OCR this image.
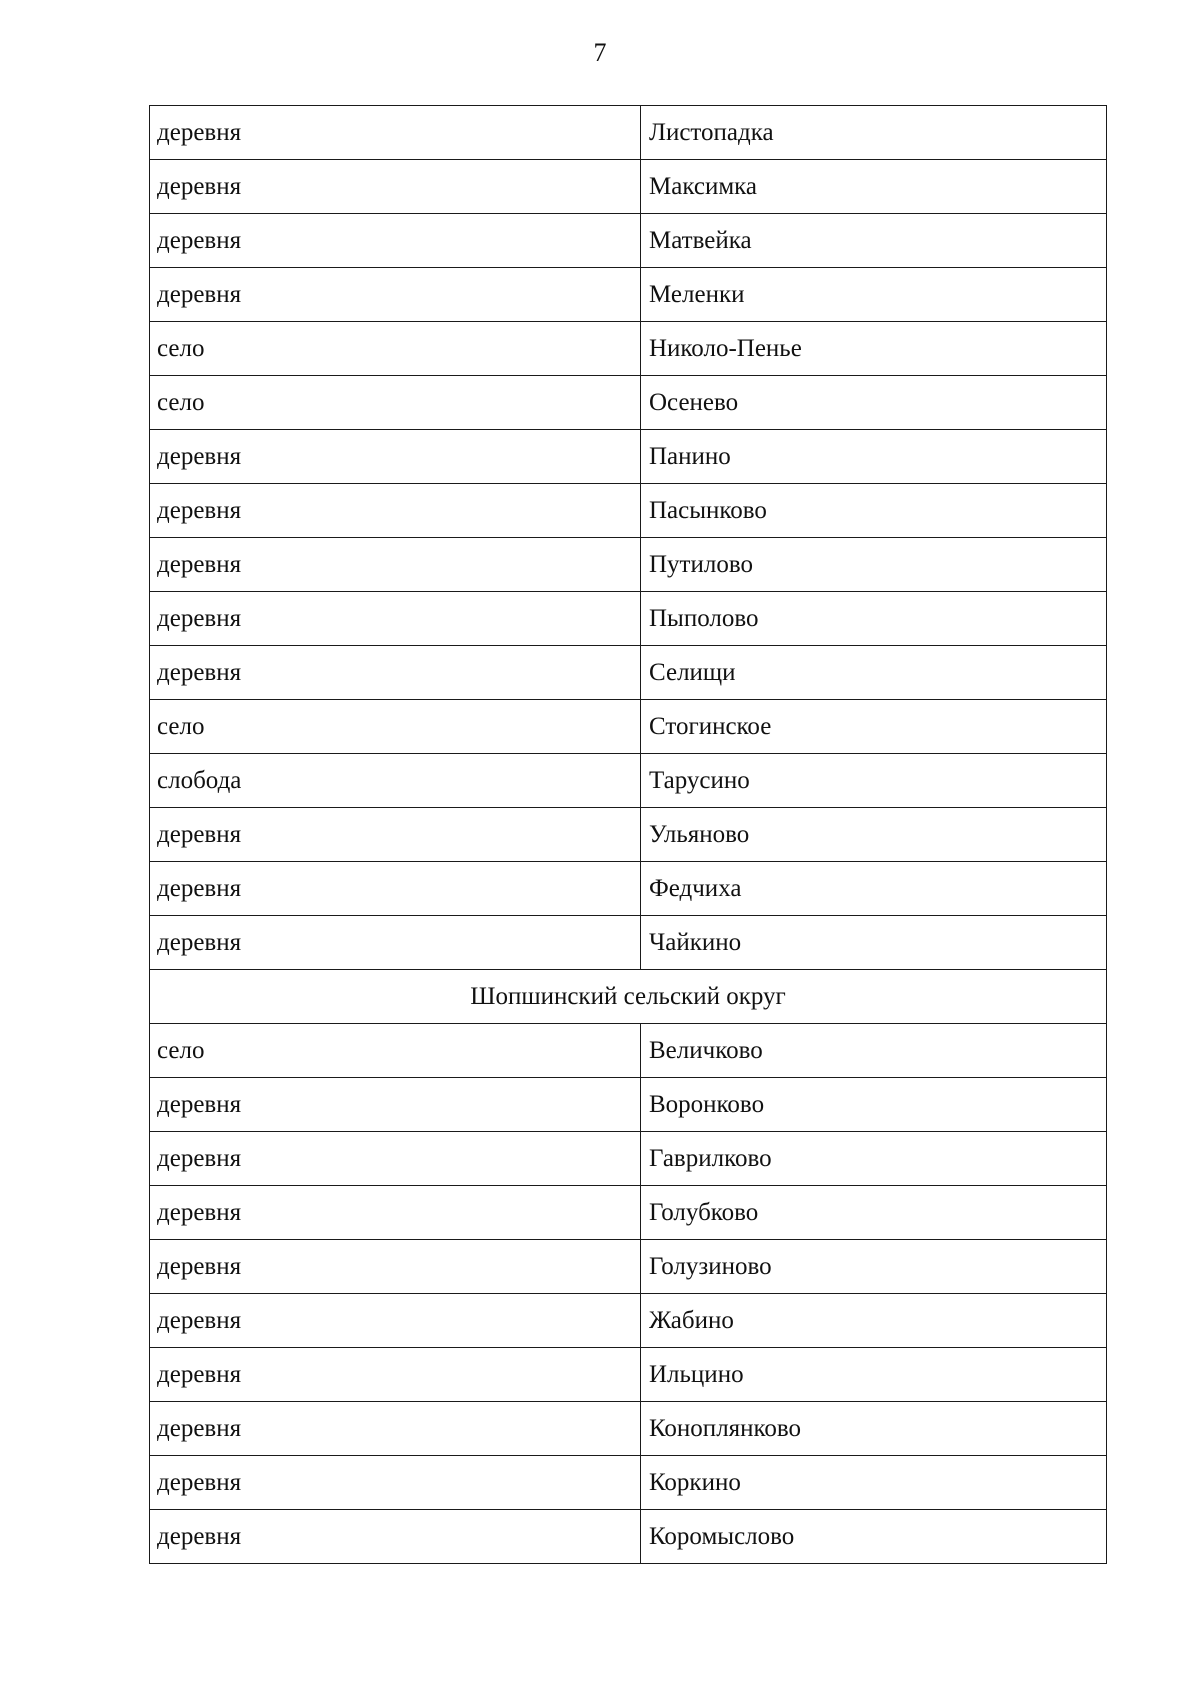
7
деревня	Листопадка
деревня	Максимка
деревня	Матвейка
деревня	Меленки
село	Николо-Пенье
село	Осенево
деревня	Панино
деревня	Пасынково
деревня	Путилово
деревня	Пыполово
деревня	Селищи
село	Стогинское
слобода	Тарусино
деревня	Ульяново
деревня	Федчиха
деревня	Чайкино
Шопшинский сельский округ	
село	Величково
деревня	Воронково
деревня	Гаврилково
деревня	Голубково
деревня	Голузиново
деревня	Жабино
деревня	Ильцино
деревня	Коноплянково
деревня	Коркино
деревня	Коромыслово
